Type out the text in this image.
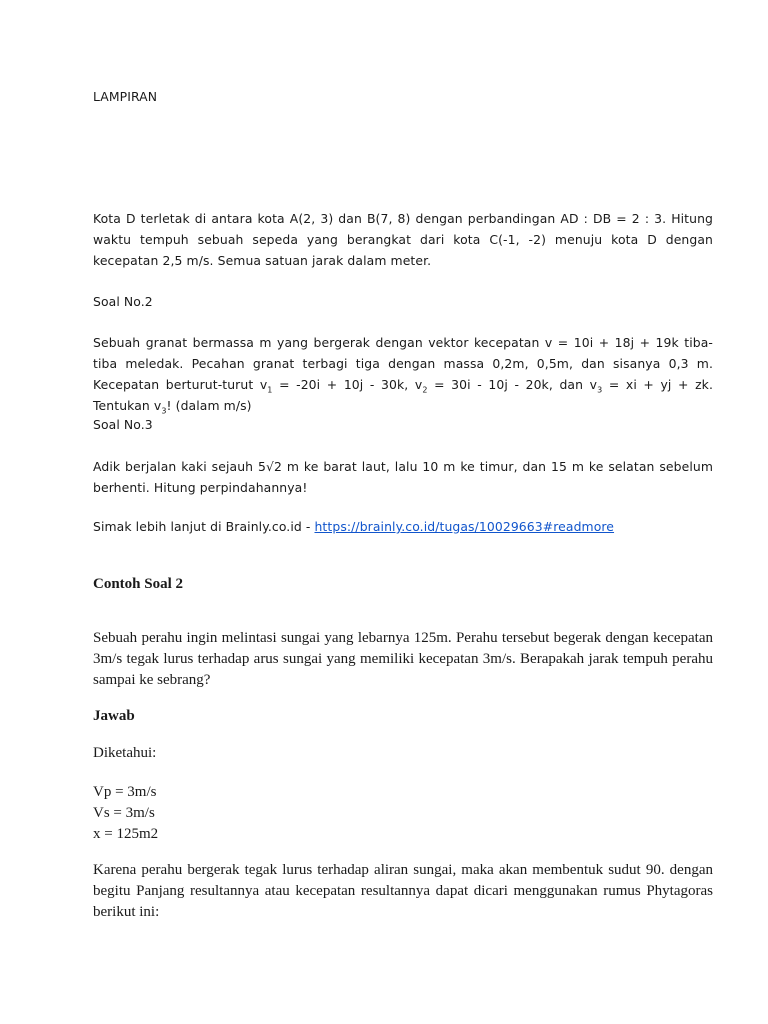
LAMPIRAN

Kota D terletak di antara kota A(2, 3) dan B(7, 8) dengan perbandingan AD : DB = 2 : 3. Hitung waktu tempuh sebuah sepeda yang berangkat dari kota C(-1, -2) menuju kota D dengan kecepatan 2,5 m/s. Semua satuan jarak dalam meter.

Soal No.2

Sebuah granat bermassa m yang bergerak dengan vektor kecepatan v = 10i + 18j + 19k tiba-tiba meledak. Pecahan granat terbagi tiga dengan massa 0,2m, 0,5m, dan sisanya 0,3 m. Kecepatan berturut-turut $v_1 = -20i + 10j - 30k$, $v_2 = 30i - 10j - 20k$, dan $v_3$ = xi + yj + zk. Tentukan $v_3$! (dalam m/s)

Soal No.3

Adik berjalan kaki sejauh 5√2 m ke barat laut, lalu 10 m ke timur, dan 15 m ke selatan sebelum berhenti. Hitung perpindahannya!

Simak lebih lanjut di Brainly.co.id - https://brainly.co.id/tugas/10029663#readmore

Contoh Soal 2

Sebuah perahu ingin melintasi sungai yang lebarnya 125m. Perahu tersebut begerak dengan kecepatan 3m/s tegak lurus terhadap arus sungai yang memiliki kecepatan 3m/s. Berapakah jarak tempuh perahu sampai ke sebrang?

Jawab

Diketahui:

Vp = 3m/s
Vs = 3m/s
x = 125m2

Karena perahu bergerak tegak lurus terhadap aliran sungai, maka akan membentuk sudut 90. dengan begitu Panjang resultannya atau kecepatan resultannya dapat dicari menggunakan rumus Phytagoras berikut ini:
